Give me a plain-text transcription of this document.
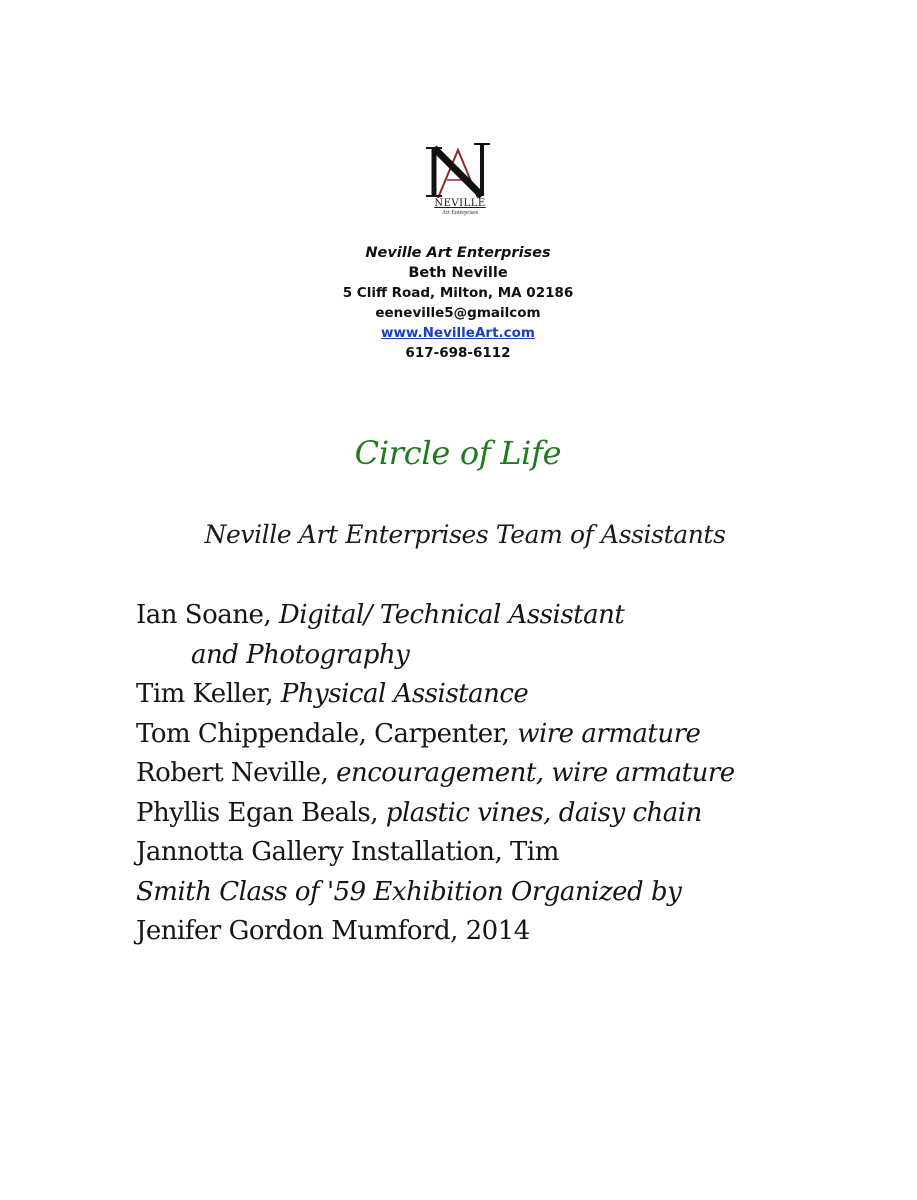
NEVILLE
Art Enterprises
Neville Art Enterprises
Beth Neville
5 Cliff Road, Milton, MA 02186
eeneville5@gmailcom
www.NevilleArt.com
617-698-6112
Circle of Life
Neville Art Enterprises Team of Assistants
Ian Soane, Digital/ Technical Assistant
and Photography
Tim Keller, Physical Assistance
Tom Chippendale, Carpenter, wire armature
Robert Neville, encouragement, wire armature
Phyllis Egan Beals, plastic vines, daisy chain
Jannotta Gallery Installation, Tim
Smith Class of '59 Exhibition Organized by
Jenifer Gordon Mumford, 2014
